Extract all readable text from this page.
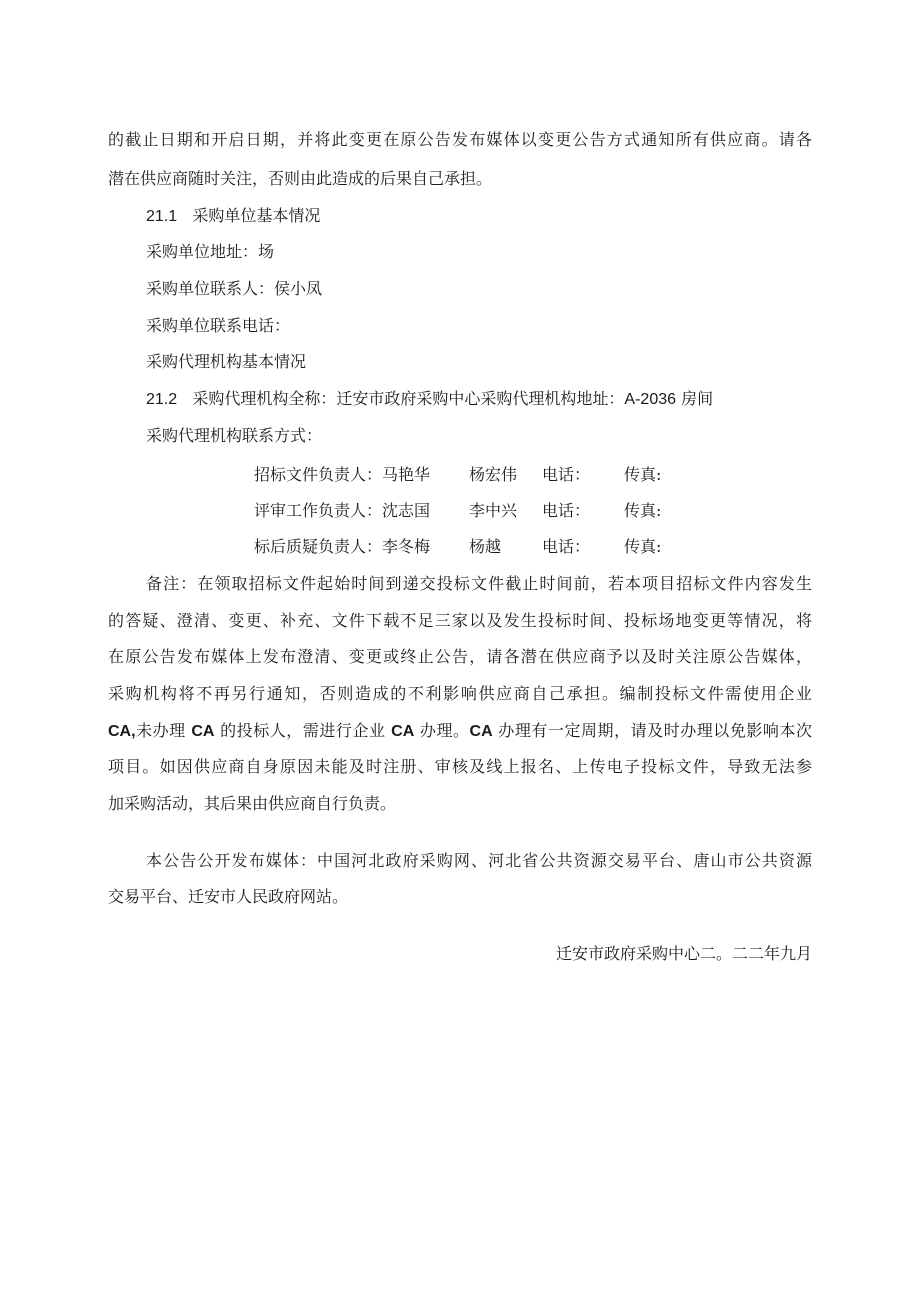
的截止日期和开启日期，并将此变更在原公告发布媒体以变更公告方式通知所有供应商。请各
潜在供应商随时关注，否则由此造成的后果自己承担。
21.1 采购单位基本情况
采购单位地址：场
采购单位联系人：侯小凤
采购单位联系电话：
采购代理机构基本情况
21.2 采购代理机构全称：迁安市政府采购中心采购代理机构地址：A-2036 房间
采购代理机构联系方式：
招标文件负责人：马艳华 杨宏伟 电话： 传真:
评审工作负责人：沈志国 李中兴 电话： 传真:
标后质疑负责人：李冬梅 杨越	电话： 传真:
备注：在领取招标文件起始时间到递交投标文件截止时间前，若本项目招标文件内容发生
的答疑、澄清、变更、补充、文件下载不足三家以及发生投标时间、投标场地变更等情况，将
在原公告发布媒体上发布澄清、变更或终止公告，请各潜在供应商予以及时关注原公告媒体，
采购机构将不再另行通知，否则造成的不利影响供应商自己承担。编制投标文件需使用企业
CA,未办理 CA 的投标人，需进行企业 CA 办理。CA 办理有一定周期，请及时办理以免影响本次
项目。如因供应商自身原因未能及时注册、审核及线上报名、上传电子投标文件，导致无法参
加采购活动，其后果由供应商自行负责。
本公告公开发布媒体：中国河北政府采购网、河北省公共资源交易平台、唐山市公共资源
交易平台、迁安市人民政府网站。
迁安市政府采购中心二。二二年九月
